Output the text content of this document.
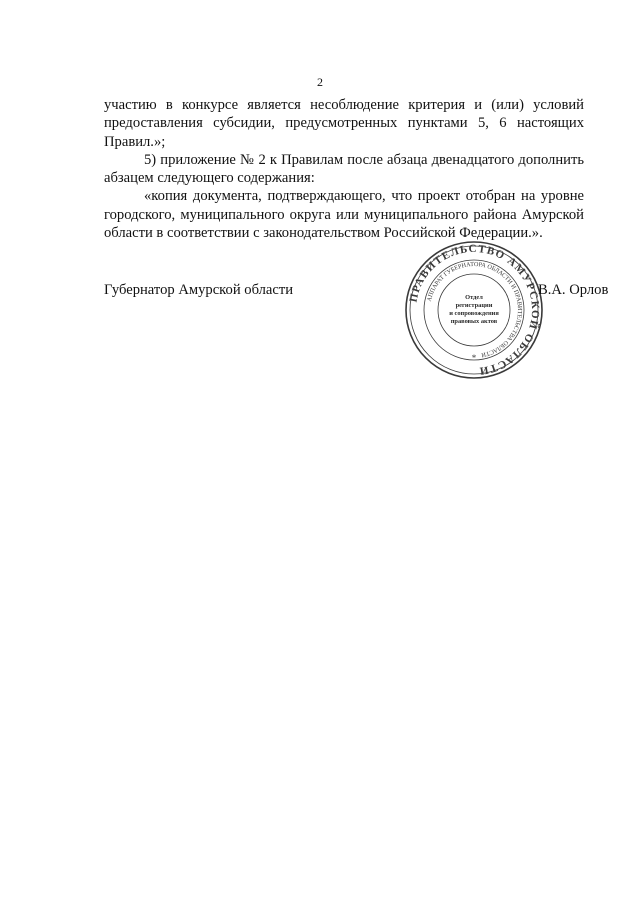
2

участию в конкурсе является несоблюдение критерия и (или) условий предоставления субсидии, предусмотренных пунктами 5, 6 настоящих Правил.»;

5) приложение № 2 к Правилам после абзаца двенадцатого дополнить абзацем следующего содержания:

«копия документа, подтверждающего, что проект отобран на уровне городского, муниципального округа или муниципального района Амурской области в соответствии с законодательством Российской Федерации.».

Губернатор Амурской области	ПРАВИТЕЛЬСТВО АМУРСКОЙ ОБЛАСТИ
АППАРАТ ГУБЕРНАТОРА ОБЛАСТИ И ПРАВИТЕЛЬСТВА ОБЛАСТИ
Отдел
регистрации
и сопровождения
правовых актов
*
В.А. Орлов
